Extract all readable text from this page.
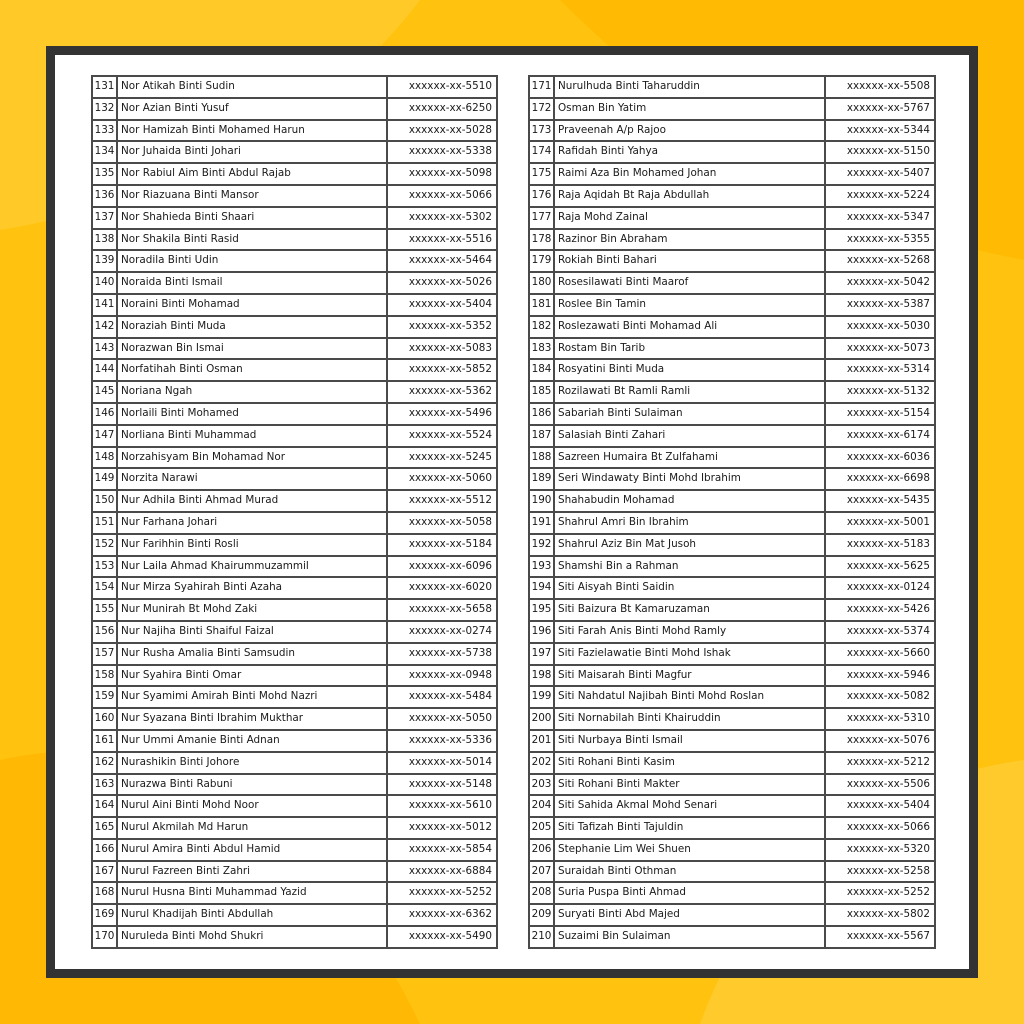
131	Nor Atikah Binti Sudin	xxxxxx-xx-5510
132	Nor Azian Binti Yusuf	xxxxxx-xx-6250
133	Nor Hamizah Binti Mohamed Harun	xxxxxx-xx-5028
134	Nor Juhaida Binti Johari	xxxxxx-xx-5338
135	Nor Rabiul Aim Binti Abdul Rajab	xxxxxx-xx-5098
136	Nor Riazuana Binti Mansor	xxxxxx-xx-5066
137	Nor Shahieda Binti Shaari	xxxxxx-xx-5302
138	Nor Shakila Binti Rasid	xxxxxx-xx-5516
139	Noradila Binti Udin	xxxxxx-xx-5464
140	Noraida Binti Ismail	xxxxxx-xx-5026
141	Noraini Binti Mohamad	xxxxxx-xx-5404
142	Noraziah Binti Muda	xxxxxx-xx-5352
143	Norazwan Bin Ismai	xxxxxx-xx-5083
144	Norfatihah Binti Osman	xxxxxx-xx-5852
145	Noriana Ngah	xxxxxx-xx-5362
146	Norlaili Binti Mohamed	xxxxxx-xx-5496
147	Norliana Binti Muhammad	xxxxxx-xx-5524
148	Norzahisyam Bin Mohamad Nor	xxxxxx-xx-5245
149	Norzita Narawi	xxxxxx-xx-5060
150	Nur Adhila Binti Ahmad Murad	xxxxxx-xx-5512
151	Nur Farhana Johari	xxxxxx-xx-5058
152	Nur Farihhin Binti Rosli	xxxxxx-xx-5184
153	Nur Laila Ahmad Khairummuzammil	xxxxxx-xx-6096
154	Nur Mirza Syahirah Binti Azaha	xxxxxx-xx-6020
155	Nur Munirah Bt Mohd Zaki	xxxxxx-xx-5658
156	Nur Najiha Binti Shaiful Faizal	xxxxxx-xx-0274
157	Nur Rusha Amalia Binti Samsudin	xxxxxx-xx-5738
158	Nur Syahira Binti Omar	xxxxxx-xx-0948
159	Nur Syamimi Amirah Binti Mohd Nazri	xxxxxx-xx-5484
160	Nur Syazana Binti Ibrahim Mukthar	xxxxxx-xx-5050
161	Nur Ummi Amanie Binti Adnan	xxxxxx-xx-5336
162	Nurashikin Binti Johore	xxxxxx-xx-5014
163	Nurazwa Binti Rabuni	xxxxxx-xx-5148
164	Nurul Aini Binti Mohd Noor	xxxxxx-xx-5610
165	Nurul Akmilah Md Harun	xxxxxx-xx-5012
166	Nurul Amira Binti Abdul Hamid	xxxxxx-xx-5854
167	Nurul Fazreen Binti Zahri	xxxxxx-xx-6884
168	Nurul Husna Binti Muhammad Yazid	xxxxxx-xx-5252
169	Nurul Khadijah Binti Abdullah	xxxxxx-xx-6362
170	Nuruleda Binti Mohd Shukri	xxxxxx-xx-5490
171	Nurulhuda Binti Taharuddin	xxxxxx-xx-5508
172	Osman Bin Yatim	xxxxxx-xx-5767
173	Praveenah A/p Rajoo	xxxxxx-xx-5344
174	Rafidah Binti Yahya	xxxxxx-xx-5150
175	Raimi Aza Bin Mohamed Johan	xxxxxx-xx-5407
176	Raja Aqidah Bt Raja Abdullah	xxxxxx-xx-5224
177	Raja Mohd Zainal	xxxxxx-xx-5347
178	Razinor Bin Abraham	xxxxxx-xx-5355
179	Rokiah Binti Bahari	xxxxxx-xx-5268
180	Rosesilawati Binti Maarof	xxxxxx-xx-5042
181	Roslee Bin Tamin	xxxxxx-xx-5387
182	Roslezawati Binti Mohamad Ali	xxxxxx-xx-5030
183	Rostam Bin Tarib	xxxxxx-xx-5073
184	Rosyatini Binti Muda	xxxxxx-xx-5314
185	Rozilawati Bt Ramli Ramli	xxxxxx-xx-5132
186	Sabariah Binti Sulaiman	xxxxxx-xx-5154
187	Salasiah Binti Zahari	xxxxxx-xx-6174
188	Sazreen Humaira Bt Zulfahami	xxxxxx-xx-6036
189	Seri Windawaty Binti Mohd Ibrahim	xxxxxx-xx-6698
190	Shahabudin Mohamad	xxxxxx-xx-5435
191	Shahrul Amri Bin Ibrahim	xxxxxx-xx-5001
192	Shahrul Aziz Bin Mat Jusoh	xxxxxx-xx-5183
193	Shamshi Bin a Rahman	xxxxxx-xx-5625
194	Siti Aisyah Binti Saidin	xxxxxx-xx-0124
195	Siti Baizura Bt Kamaruzaman	xxxxxx-xx-5426
196	Siti Farah Anis Binti Mohd Ramly	xxxxxx-xx-5374
197	Siti Fazielawatie Binti Mohd Ishak	xxxxxx-xx-5660
198	Siti Maisarah Binti Magfur	xxxxxx-xx-5946
199	Siti Nahdatul Najibah Binti Mohd Roslan	xxxxxx-xx-5082
200	Siti Nornabilah Binti Khairuddin	xxxxxx-xx-5310
201	Siti Nurbaya Binti Ismail	xxxxxx-xx-5076
202	Siti Rohani Binti Kasim	xxxxxx-xx-5212
203	Siti Rohani Binti Makter	xxxxxx-xx-5506
204	Siti Sahida Akmal Mohd Senari	xxxxxx-xx-5404
205	Siti Tafizah Binti Tajuldin	xxxxxx-xx-5066
206	Stephanie Lim Wei Shuen	xxxxxx-xx-5320
207	Suraidah Binti Othman	xxxxxx-xx-5258
208	Suria Puspa Binti Ahmad	xxxxxx-xx-5252
209	Suryati Binti Abd Majed	xxxxxx-xx-5802
210	Suzaimi Bin Sulaiman	xxxxxx-xx-5567
